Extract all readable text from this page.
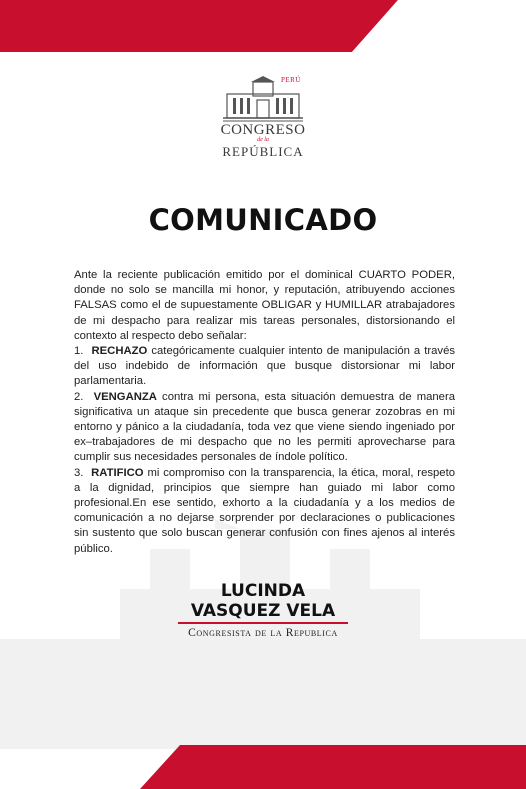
PERÚ
CONGRESO
de la
REPÚBLICA
COMUNICADO

Ante la reciente publicación emitido por el dominical CUARTO PODER, donde no solo se mancilla mi honor, y reputación, atribuyendo acciones FALSAS como el de supuestamente OBLIGAR y HUMILLAR atrabajadores de mi despacho para realizar mis tareas personales, distorsionando el contexto al respecto debo señalar:

1. RECHAZO categóricamente cualquier intento de manipulación a través del uso indebido de información que busque distorsionar mi labor parlamentaria.

2. VENGANZA contra mi persona, esta situación demuestra de manera significativa un ataque sin precedente que busca generar zozobras en mi entorno y pánico a la ciudadanía, toda vez que viene siendo ingeniado por ex–trabajadores de mi despacho que no les permiti aprovecharse para cumplir sus necesidades personales de índole político.

3. RATIFICO mi compromiso con la transparencia, la ética, moral, respeto a la dignidad, principios que siempre han guiado mi labor como profesional.En ese sentido, exhorto a la ciudadanía y a los medios de comunicación a no dejarse sorprender por declaraciones o publicaciones sin sustento que solo buscan generar confusión con fines ajenos al interés público.

LUCINDA
VASQUEZ VELA
Congresista de la Republica
